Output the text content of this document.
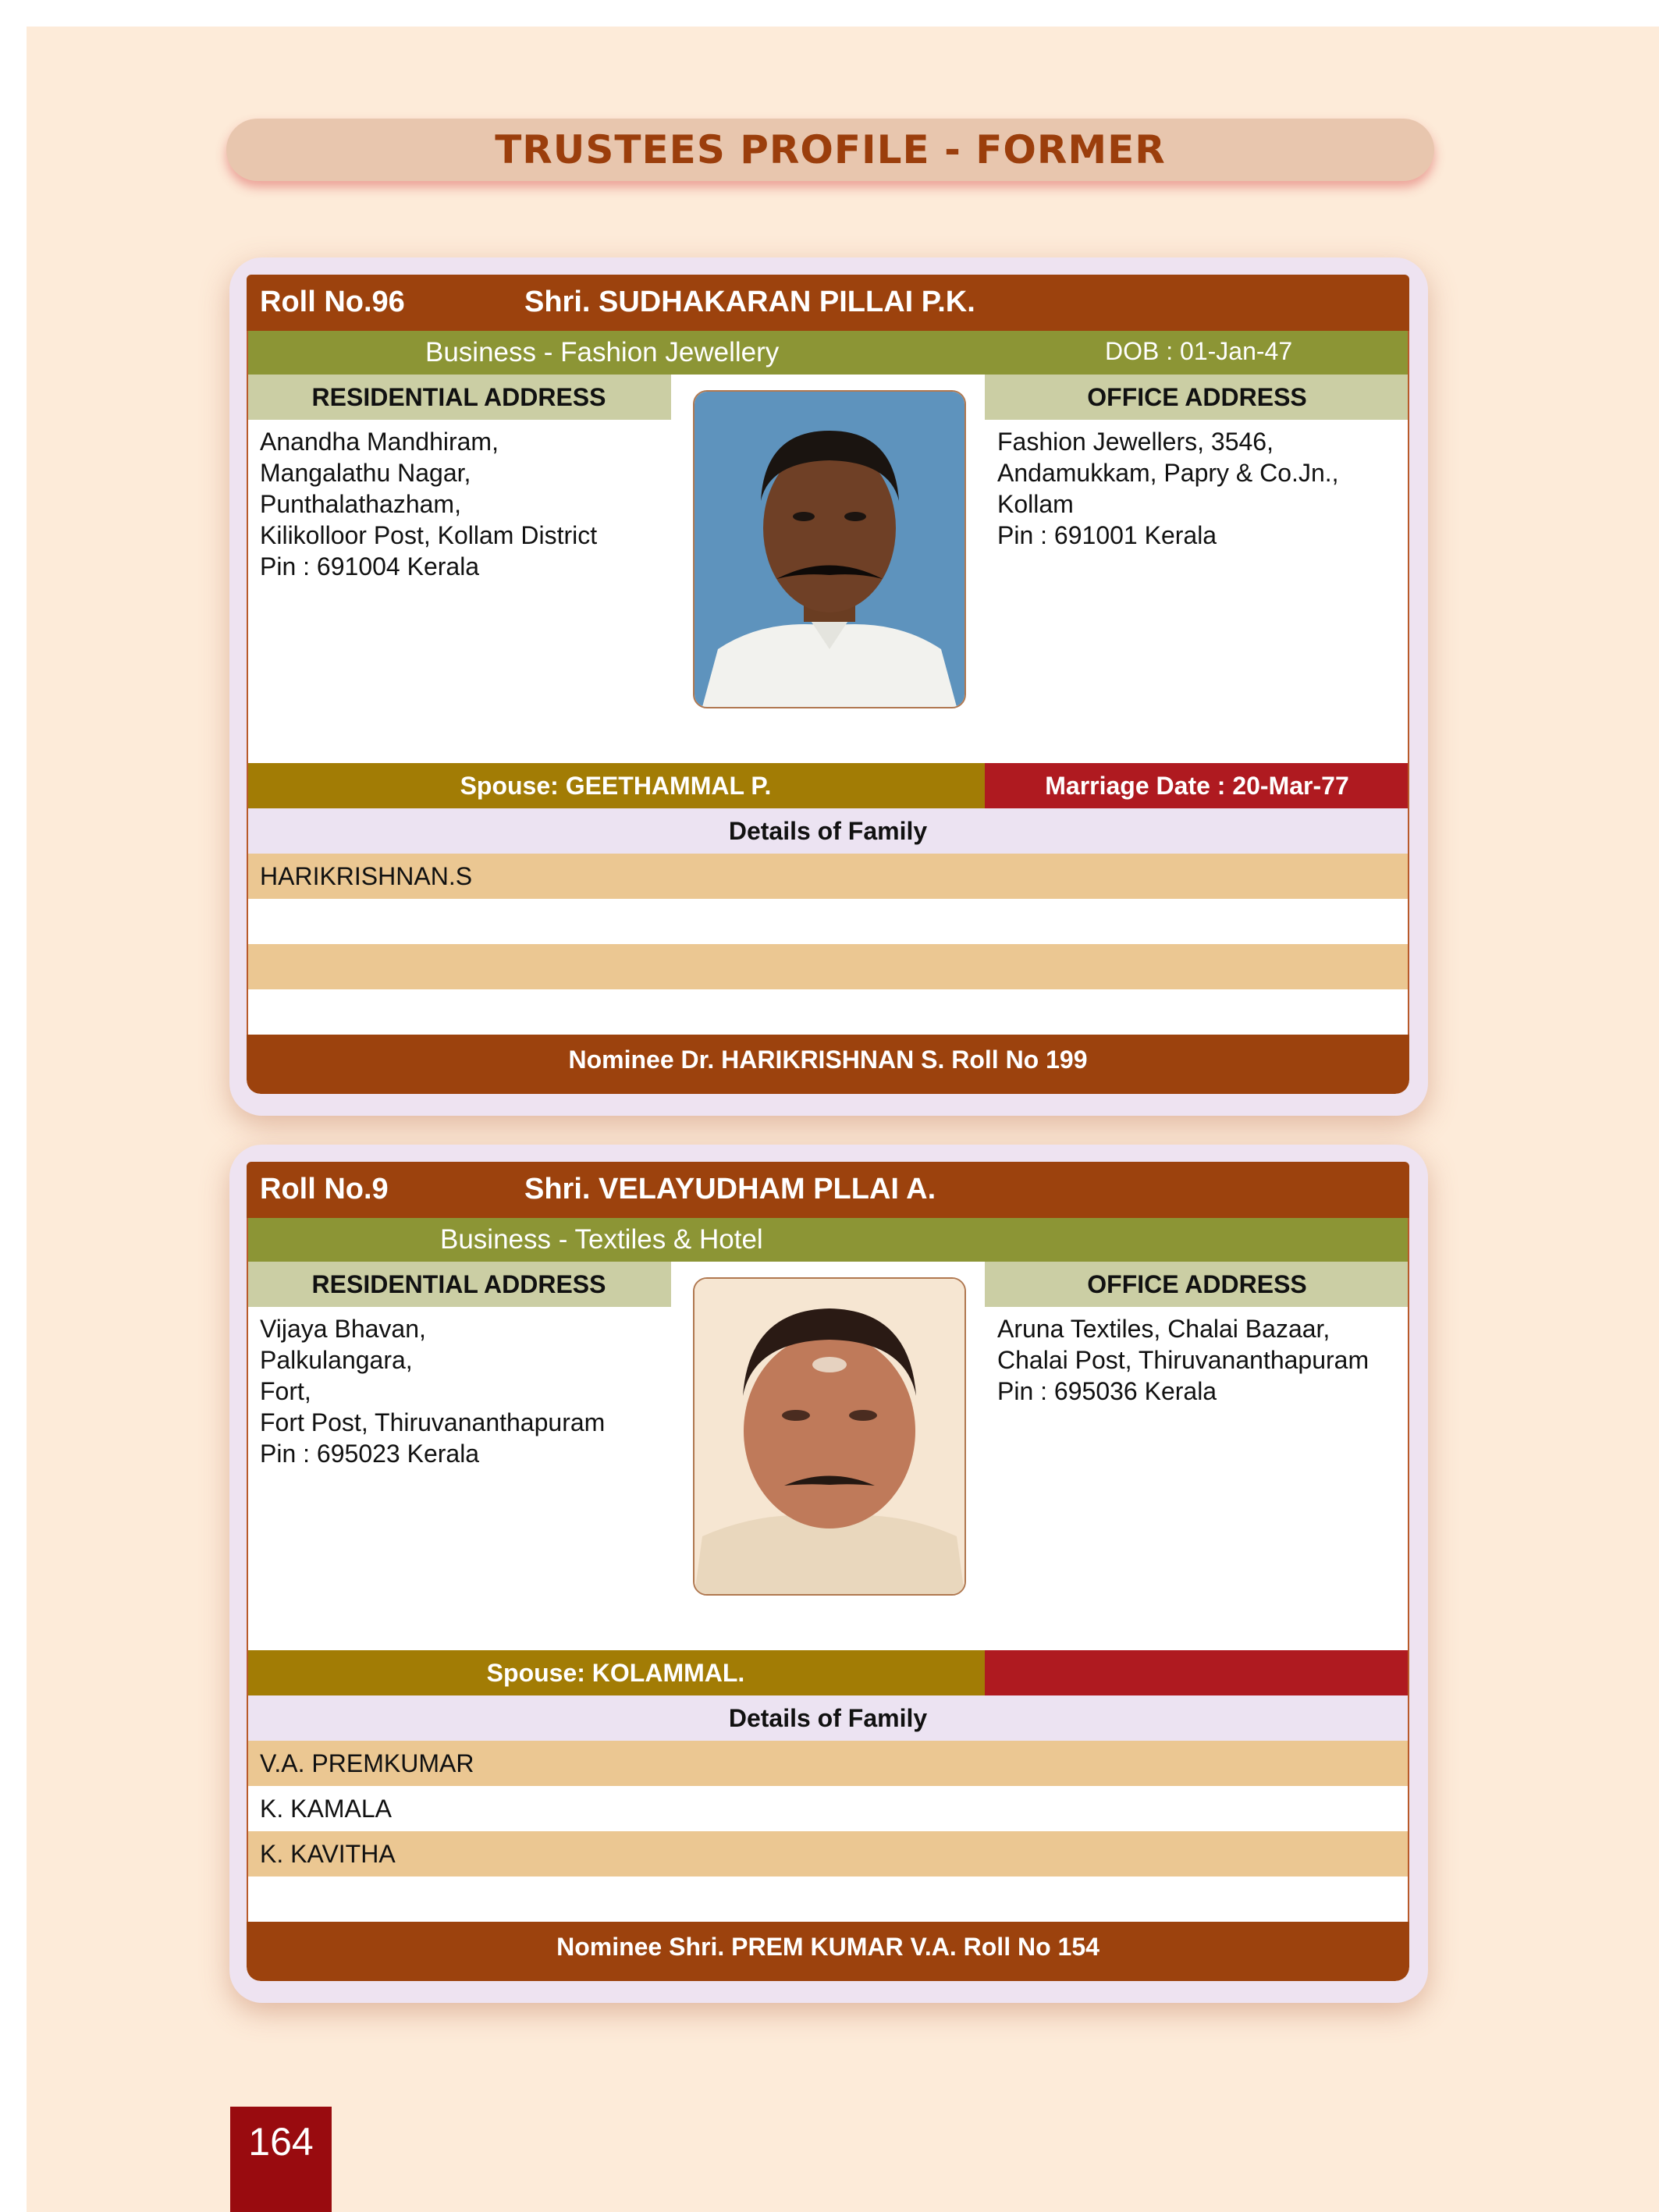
TRUSTEES PROFILE - FORMER
Roll No.96	Shri. SUDHAKARAN PILLAI P.K.
Business - Fashion Jewellery	DOB : 01-Jan-47
RESIDENTIAL ADDRESS	OFFICE ADDRESS
Anandha Mandhiram,
Mangalathu Nagar,
Punthalathazham,
Kilikolloor Post, Kollam District
Pin : 691004 Kerala
Fashion Jewellers, 3546,
Andamukkam, Papry & Co.Jn.,
Kollam
Pin : 691001 Kerala
Spouse: GEETHAMMAL P.	Marriage Date : 20-Mar-77
Details of Family
HARIKRISHNAN.S
Nominee Dr. HARIKRISHNAN S. Roll No 199
Roll No.9	Shri. VELAYUDHAM PLLAI A.
Business - Textiles & Hotel
RESIDENTIAL ADDRESS	OFFICE ADDRESS
Vijaya Bhavan,
Palkulangara,
Fort,
Fort Post, Thiruvananthapuram
Pin : 695023 Kerala
Aruna Textiles, Chalai Bazaar,
Chalai Post, Thiruvananthapuram
Pin : 695036 Kerala
Spouse: KOLAMMAL.
Details of Family
V.A. PREMKUMAR
K. KAMALA
K. KAVITHA
Nominee Shri. PREM KUMAR V.A. Roll No 154
164
